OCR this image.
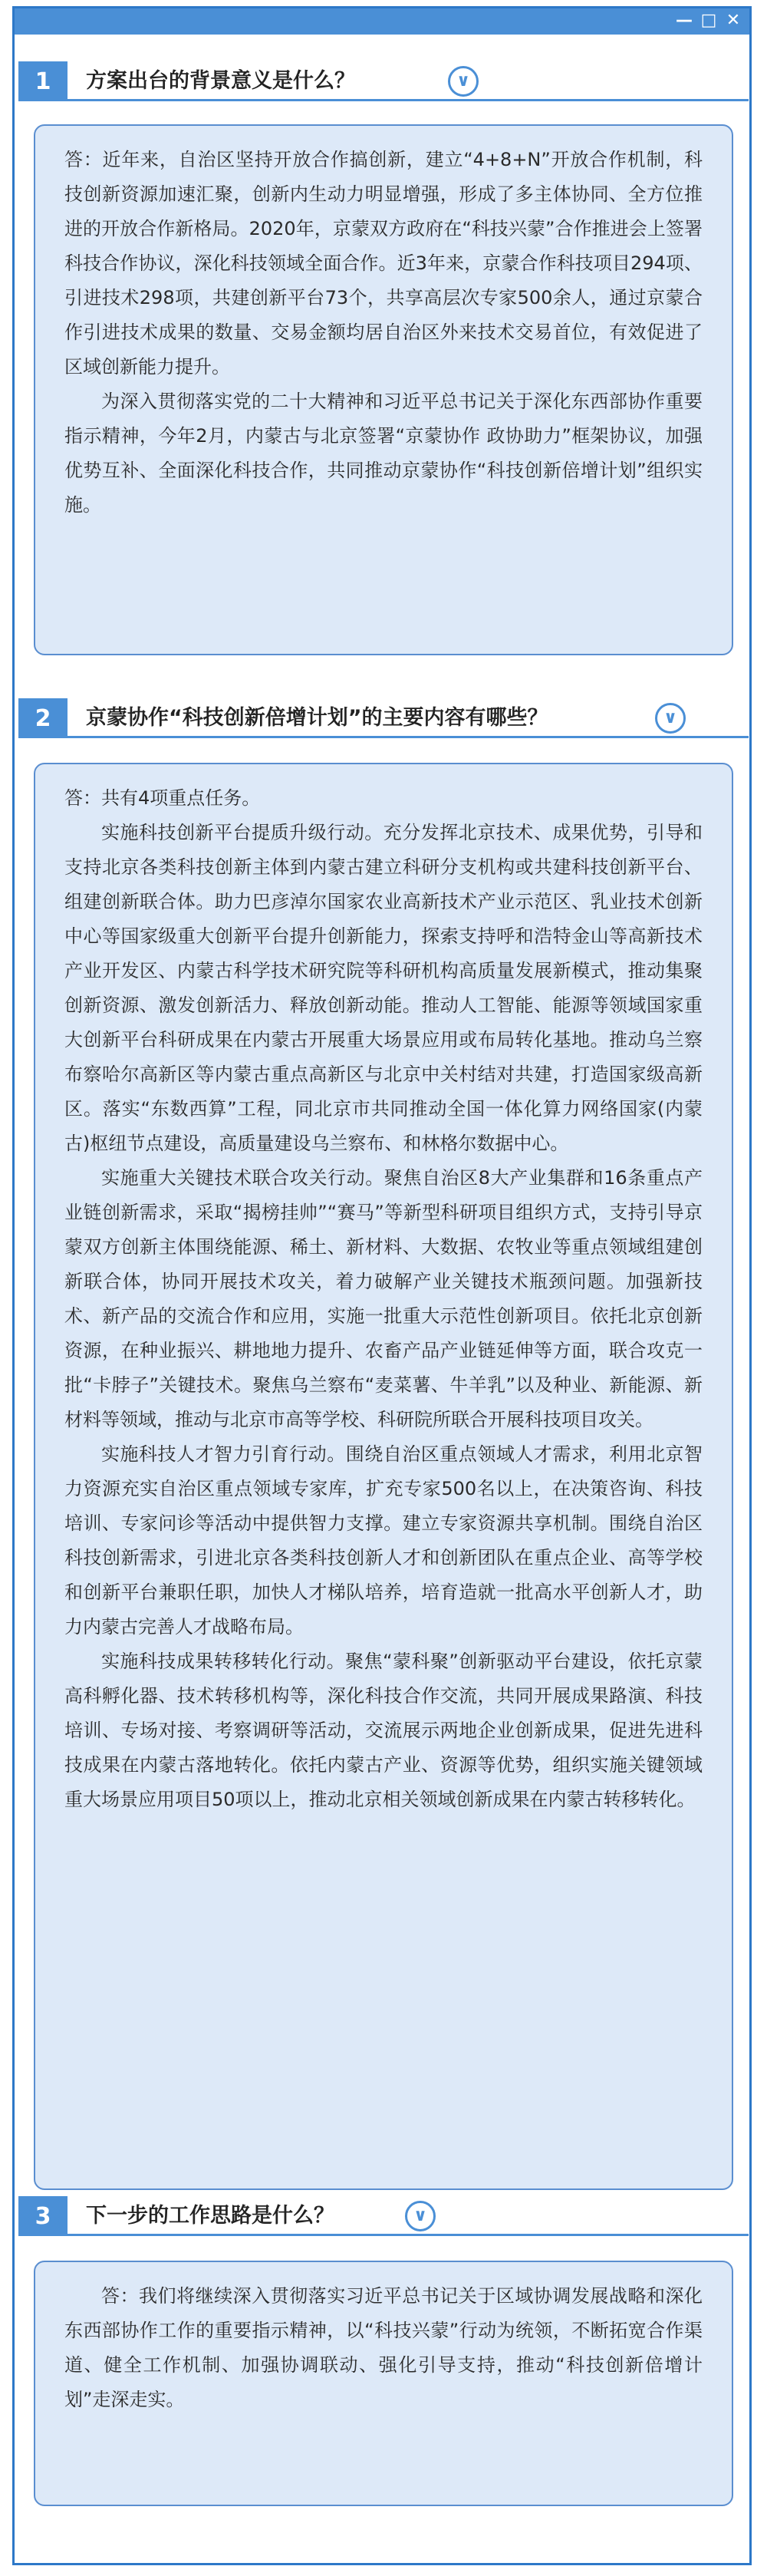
— □ ✕
1	方案出台的背景意义是什么？	∨

答：近年来，自治区坚持开放合作搞创新，建立“4+8+N”开放合作机制，科技创新资源加速汇聚，创新内生动力明显增强，形成了多主体协同、全方位推进的开放合作新格局。2020年，京蒙双方政府在“科技兴蒙”合作推进会上签署科技合作协议，深化科技领域全面合作。近3年来，京蒙合作科技项目294项、引进技术298项，共建创新平台73个，共享高层次专家500余人，通过京蒙合作引进技术成果的数量、交易金额均居自治区外来技术交易首位，有效促进了区域创新能力提升。

为深入贯彻落实党的二十大精神和习近平总书记关于深化东西部协作重要指示精神，今年2月，内蒙古与北京签署“京蒙协作 政协助力”框架协议，加强优势互补、全面深化科技合作，共同推动京蒙协作“科技创新倍增计划”组织实施。

2	京蒙协作“科技创新倍增计划”的主要内容有哪些？	∨

答：共有4项重点任务。

实施科技创新平台提质升级行动。充分发挥北京技术、成果优势，引导和支持北京各类科技创新主体到内蒙古建立科研分支机构或共建科技创新平台、组建创新联合体。助力巴彦淖尔国家农业高新技术产业示范区、乳业技术创新中心等国家级重大创新平台提升创新能力，探索支持呼和浩特金山等高新技术产业开发区、内蒙古科学技术研究院等科研机构高质量发展新模式，推动集聚创新资源、激发创新活力、释放创新动能。推动人工智能、能源等领域国家重大创新平台科研成果在内蒙古开展重大场景应用或布局转化基地。推动乌兰察布察哈尔高新区等内蒙古重点高新区与北京中关村结对共建，打造国家级高新区。落实“东数西算”工程，同北京市共同推动全国一体化算力网络国家(内蒙古)枢纽节点建设，高质量建设乌兰察布、和林格尔数据中心。

实施重大关键技术联合攻关行动。聚焦自治区8大产业集群和16条重点产业链创新需求，采取“揭榜挂帅”“赛马”等新型科研项目组织方式，支持引导京蒙双方创新主体围绕能源、稀土、新材料、大数据、农牧业等重点领域组建创新联合体，协同开展技术攻关，着力破解产业关键技术瓶颈问题。加强新技术、新产品的交流合作和应用，实施一批重大示范性创新项目。依托北京创新资源，在种业振兴、耕地地力提升、农畜产品产业链延伸等方面，联合攻克一批“卡脖子”关键技术。聚焦乌兰察布“麦菜薯、牛羊乳”以及种业、新能源、新材料等领域，推动与北京市高等学校、科研院所联合开展科技项目攻关。

实施科技人才智力引育行动。围绕自治区重点领域人才需求，利用北京智力资源充实自治区重点领域专家库，扩充专家500名以上，在决策咨询、科技培训、专家问诊等活动中提供智力支撑。建立专家资源共享机制。围绕自治区科技创新需求，引进北京各类科技创新人才和创新团队在重点企业、高等学校和创新平台兼职任职，加快人才梯队培养，培育造就一批高水平创新人才，助力内蒙古完善人才战略布局。

实施科技成果转移转化行动。聚焦“蒙科聚”创新驱动平台建设，依托京蒙高科孵化器、技术转移机构等，深化科技合作交流，共同开展成果路演、科技培训、专场对接、考察调研等活动，交流展示两地企业创新成果，促进先进科技成果在内蒙古落地转化。依托内蒙古产业、资源等优势，组织实施关键领域重大场景应用项目50项以上，推动北京相关领域创新成果在内蒙古转移转化。

3	下一步的工作思路是什么？	∨

答：我们将继续深入贯彻落实习近平总书记关于区域协调发展战略和深化东西部协作工作的重要指示精神，以“科技兴蒙”行动为统领，不断拓宽合作渠道、健全工作机制、加强协调联动、强化引导支持，推动“科技创新倍增计划”走深走实。
